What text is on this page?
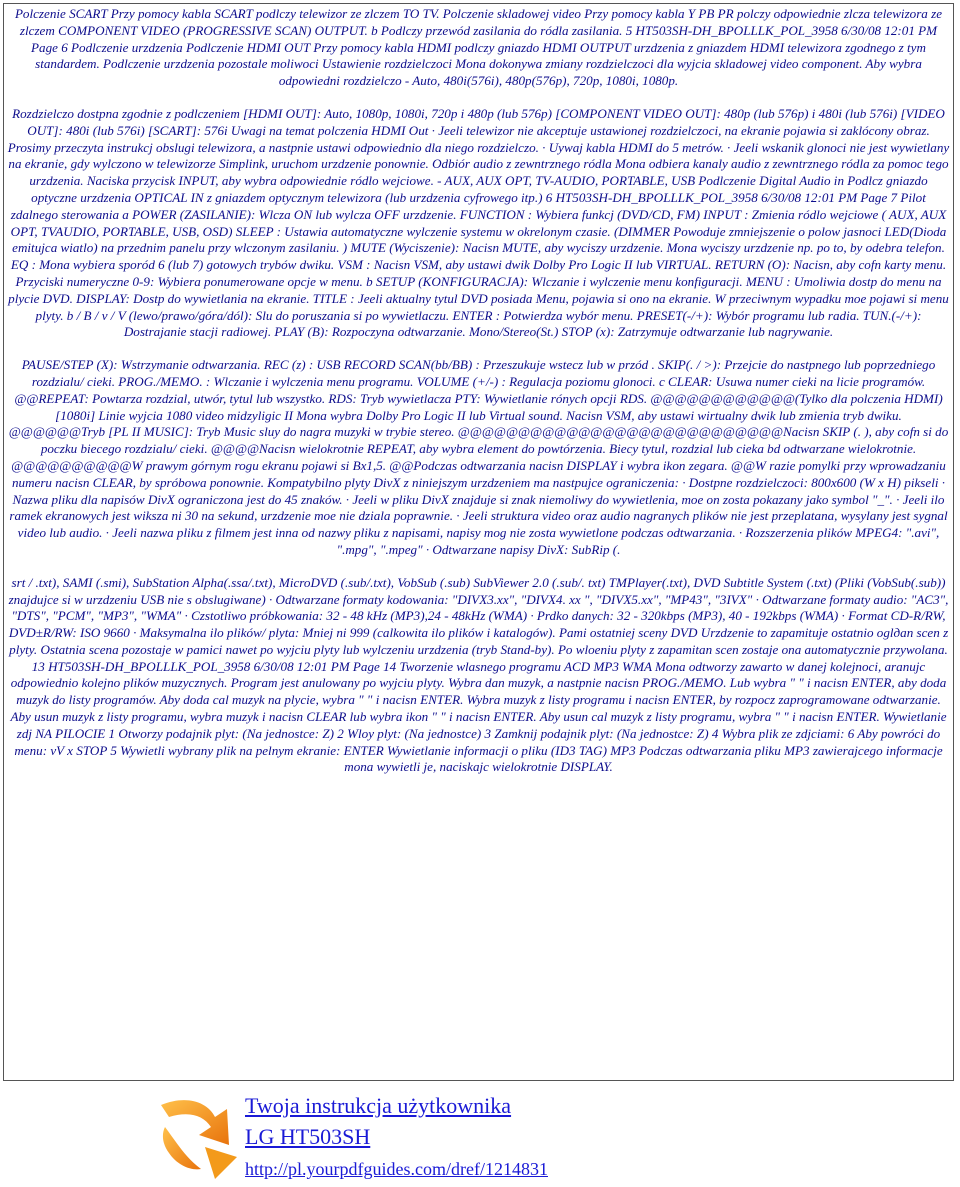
Polczenie SCART Przy pomocy kabla SCART podlczy telewizor ze zlczem TO TV. Polczenie skladowej video Przy pomocy kabla Y PB PR polczy odpowiednie zlcza telewizora ze zlczem COMPONENT VIDEO (PROGRESSIVE SCAN) OUTPUT. b Podlczy przewód zasilania do ródla zasilania. 5 HT503SH-DH_BPOLLLK_POL_3958 6/30/08 12:01 PM Page 6 Podlczenie urzdzenia Podlczenie HDMI OUT Przy pomocy kabla HDMI podlczy gniazdo HDMI OUTPUT urzdzenia z gniazdem HDMI telewizora zgodnego z tym standardem. Podlczenie urzdzenia pozostale moliwoci Ustawienie rozdzielczoci Mona dokonywa zmiany rozdzielczoci dla wyjcia skladowej video component. Aby wybra odpowiedni rozdzielczo - Auto, 480i(576i), 480p(576p), 720p, 1080i, 1080p.

Rozdzielczo dostpna zgodnie z podlczeniem [HDMI OUT]: Auto, 1080p, 1080i, 720p i 480p (lub 576p) [COMPONENT VIDEO OUT]: 480p (lub 576p) i 480i (lub 576i) [VIDEO OUT]: 480i (lub 576i) [SCART]: 576i Uwagi na temat polczenia HDMI Out · Jeeli telewizor nie akceptuje ustawionej rozdzielczoci, na ekranie pojawia si zaklócony obraz. Prosimy przeczyta instrukcj obslugi telewizora, a nastpnie ustawi odpowiednio dla niego rozdzielczo. · Uywaj kabla HDMI do 5 metrów. · Jeeli wskanik glonoci nie jest wywietlany na ekranie, gdy wylczono w telewizorze Simplink, uruchom urzdzenie ponownie. Odbiór audio z zewntrznego ródla Mona odbiera kanaly audio z zewntrznego ródla za pomoc tego urzdzenia. Naciska przycisk INPUT, aby wybra odpowiednie ródlo wejciowe. - AUX, AUX OPT, TV-AUDIO, PORTABLE, USB Podlczenie Digital Audio in Podlcz gniazdo optyczne urzdzenia OPTICAL IN z gniazdem optycznym telewizora (lub urzdzenia cyfrowego itp.) 6 HT503SH-DH_BPOLLLK_POL_3958 6/30/08 12:01 PM Page 7 Pilot zdalnego sterowania a POWER (ZASILANIE): Wlcza ON lub wylcza OFF urzdzenie. FUNCTION : Wybiera funkcj (DVD/CD, FM) INPUT : Zmienia ródlo wejciowe ( AUX, AUX OPT, TVAUDIO, PORTABLE, USB, OSD) SLEEP : Ustawia automatyczne wylczenie systemu w okrelonym czasie. (DIMMER Powoduje zmniejszenie o polow jasnoci LED(Dioda emitujca wiatlo) na przednim panelu przy wlczonym zasilaniu. ) MUTE (Wyciszenie): Nacisn MUTE, aby wyciszy urzdzenie. Mona wyciszy urzdzenie np. po to, by odebra telefon. EQ : Mona wybiera sporód 6 (lub 7) gotowych trybów dwiku. VSM : Nacisn VSM, aby ustawi dwik Dolby Pro Logic II lub VIRTUAL. RETURN (O): Nacisn, aby cofn karty menu. Przyciski numeryczne 0-9: Wybiera ponumerowane opcje w menu. b SETUP (KONFIGURACJA): Wlczanie i wylczenie menu konfiguracji. MENU : Umoliwia dostp do menu na plycie DVD. DISPLAY: Dostp do wywietlania na ekranie. TITLE : Jeeli aktualny tytul DVD posiada Menu, pojawia si ono na ekranie. W przeciwnym wypadku moe pojawi si menu plyty. b / B / v / V (lewo/prawo/góra/dól): Slu do poruszania si po wywietlaczu. ENTER : Potwierdza wybór menu. PRESET(-/+): Wybór programu lub radia. TUN.(-/+): Dostrajanie stacji radiowej. PLAY (B): Rozpoczyna odtwarzanie. Mono/Stereo(St.) STOP (x): Zatrzymuje odtwarzanie lub nagrywanie.

PAUSE/STEP (X): Wstrzymanie odtwarzania. REC (z) : USB RECORD SCAN(bb/BB) : Przeszukuje wstecz lub w przód . SKIP(. / >): Przejcie do nastpnego lub poprzedniego rozdzialu/ cieki. PROG./MEMO. : Wlczanie i wylczenia menu programu. VOLUME (+/-) : Regulacja poziomu glonoci. c CLEAR: Usuwa numer cieki na licie programów. @@REPEAT: Powtarza rozdzial, utwór, tytul lub wszystko. RDS: Tryb wywietlacza PTY: Wywietlanie rónych opcji RDS. @@@@@@@@@@@@(Tylko dla polczenia HDMI) [1080i] Linie wyjcia 1080 video midzyligic II Mona wybra Dolby Pro Logic II lub Virtual sound. Nacisn VSM, aby ustawi wirtualny dwik lub zmienia tryb dwiku. @@@@@@Tryb [PL II MUSIC]: Tryb Music sluy do nagra muzyki w trybie stereo. @@@@@@@@@@@@@@@@@@@@@@@@@@@Nacisn SKIP (. ), aby cofn si do poczku biecego rozdzialu/ cieki. @@@@Nacisn wielokrotnie REPEAT, aby wybra element do powtórzenia. Biecy tytul, rozdzial lub cieka bd odtwarzane wielokrotnie. @@@@@@@@@@W prawym górnym rogu ekranu pojawi si Bx1,5. @@Podczas odtwarzania nacisn DISPLAY i wybra ikon zegara. @@W razie pomylki przy wprowadzaniu numeru nacisn CLEAR, by spróbowa ponownie. Kompatybilno plyty DivX z niniejszym urzdzeniem ma nastpujce ograniczenia: · Dostpne rozdzielczoci: 800x600 (W x H) pikseli · Nazwa pliku dla napisów DivX ograniczona jest do 45 znaków. · Jeeli w pliku DivX znajduje si znak niemoliwy do wywietlenia, moe on zosta pokazany jako symbol "_". · Jeeli ilo ramek ekranowych jest wiksza ni 30 na sekund, urzdzenie moe nie dziala poprawnie. · Jeeli struktura video oraz audio nagranych plików nie jest przeplatana, wysylany jest sygnal video lub audio. · Jeeli nazwa pliku z filmem jest inna od nazwy pliku z napisami, napisy mog nie zosta wywietlone podczas odtwarzania. · Rozszerzenia plików MPEG4: ".avi", ".mpg", ".mpeg" · Odtwarzane napisy DivX: SubRip (.

srt / .txt), SAMI (.smi), SubStation Alpha(.ssa/.txt), MicroDVD (.sub/.txt), VobSub (.sub) SubViewer 2.0 (.sub/. txt) TMPlayer(.txt), DVD Subtitle System (.txt) (Pliki (VobSub(.sub)) znajdujce si w urzdzeniu USB nie s obslugiwane) · Odtwarzane formaty kodowania: "DIVX3.xx", "DIVX4. xx ", "DIVX5.xx", "MP43", "3IVX" · Odtwarzane formaty audio: "AC3", "DTS", "PCM", "MP3", "WMA" · Czstotliwo próbkowania: 32 - 48 kHz (MP3),24 - 48kHz (WMA) · Prdko danych: 32 - 320kbps (MP3), 40 - 192kbps (WMA) · Format CD-R/RW, DVD±R/RW: ISO 9660 · Maksymalna ilo plików/ plyta: Mniej ni 999 (calkowita ilo plików i katalogów). Pami ostatniej sceny DVD Urzdzenie to zapamituje ostatnio oglдan scen z plyty. Ostatnia scena pozostaje w pamici nawet po wyjciu plyty lub wylczeniu urzdzenia (tryb Stand-by). Po wloeniu plyty z zapamitan scen zostaje ona automatycznie przywolana. 13 HT503SH-DH_BPOLLLK_POL_3958 6/30/08 12:01 PM Page 14 Tworzenie wlasnego programu ACD MP3 WMA Mona odtworzy zawarto w danej kolejnoci, aranujc odpowiednio kolejno plików muzycznych. Program jest anulowany po wyjciu plyty. Wybra dan muzyk, a nastpnie nacisn PROG./MEMO. Lub wybra " " i nacisn ENTER, aby doda muzyk do listy programów. Aby doda cal muzyk na plycie, wybra " " i nacisn ENTER. Wybra muzyk z listy programu i nacisn ENTER, by rozpocz zaprogramowane odtwarzanie. Aby usun muzyk z listy programu, wybra muzyk i nacisn CLEAR lub wybra ikon " " i nacisn ENTER. Aby usun cal muzyk z listy programu, wybra " " i nacisn ENTER. Wywietlanie zdj NA PILOCIE 1 Otworzy podajnik plyt: (Na jednostce: Z) 2 Wloy plyt: (Na jednostce) 3 Zamknij podajnik plyt: (Na jednostce: Z) 4 Wybra plik ze zdjciami: 6 Aby powróci do menu: vV x STOP 5 Wywietli wybrany plik na pelnym ekranie: ENTER Wywietlanie informacji o pliku (ID3 TAG) MP3 Podczas odtwarzania pliku MP3 zawierajcego informacje mona wywietli je, naciskajc wielokrotnie DISPLAY.

Twoja instrukcja użytkownika
LG HT503SH
http://pl.yourpdfguides.com/dref/1214831
